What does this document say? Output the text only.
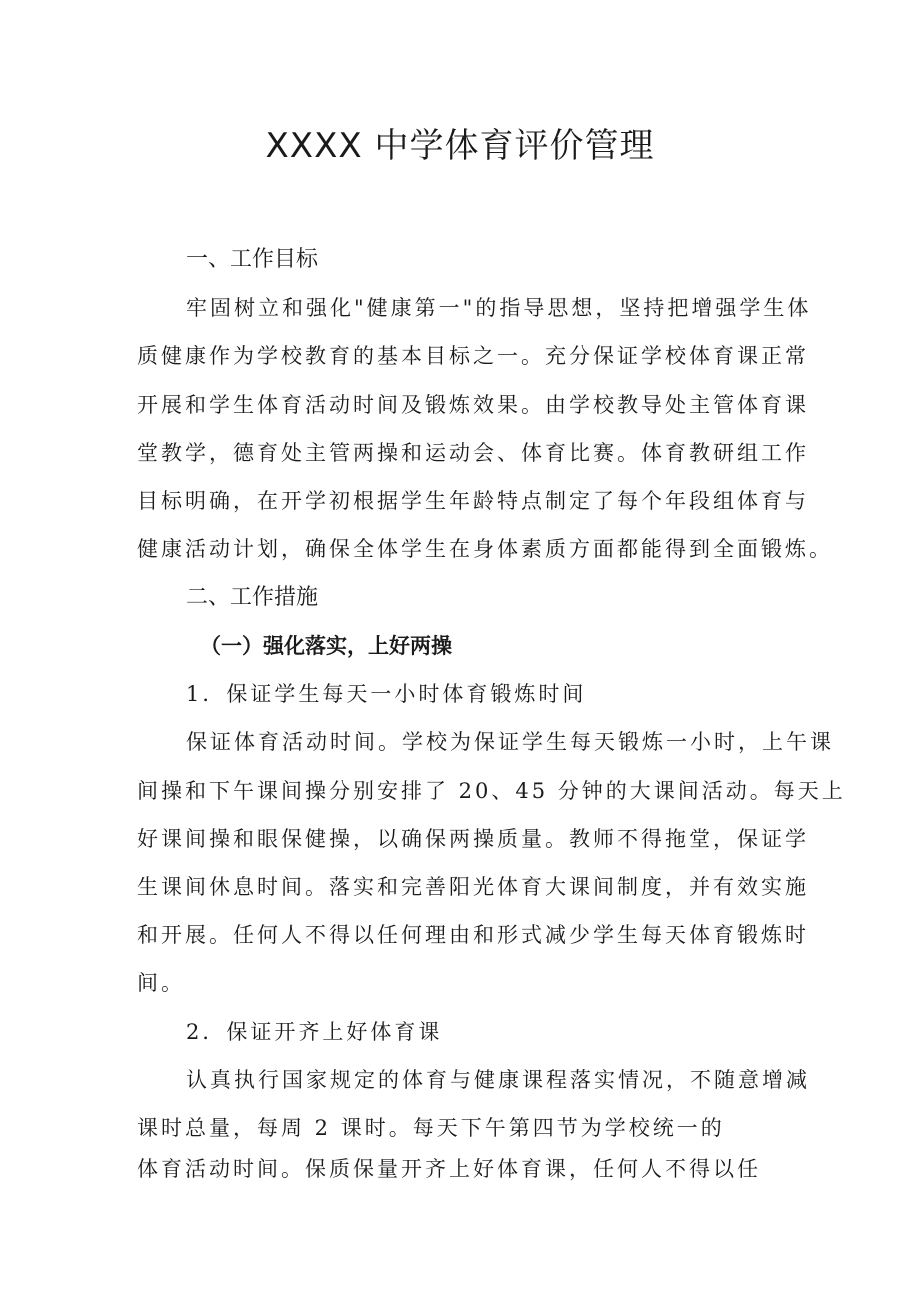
XXXX 中学体育评价管理
一、工作目标
牢固树立和强化"健康第一"的指导思想，坚持把增强学生体
质健康作为学校教育的基本目标之一。充分保证学校体育课正常
开展和学生体育活动时间及锻炼效果。由学校教导处主管体育课
堂教学，德育处主管两操和运动会、体育比赛。体育教研组工作
目标明确，在开学初根据学生年龄特点制定了每个年段组体育与
健康活动计划，确保全体学生在身体素质方面都能得到全面锻炼。
二、工作措施
（一）强化落实，上好两操
1．保证学生每天一小时体育锻炼时间
保证体育活动时间。学校为保证学生每天锻炼一小时，上午课
间操和下午课间操分别安排了 20、45 分钟的大课间活动。每天上
好课间操和眼保健操，以确保两操质量。教师不得拖堂，保证学
生课间休息时间。落实和完善阳光体育大课间制度，并有效实施
和开展。任何人不得以任何理由和形式减少学生每天体育锻炼时
间。
2．保证开齐上好体育课
认真执行国家规定的体育与健康课程落实情况，不随意增减
课时总量，每周 2 课时。每天下午第四节为学校统一的
体育活动时间。保质保量开齐上好体育课，任何人不得以任
